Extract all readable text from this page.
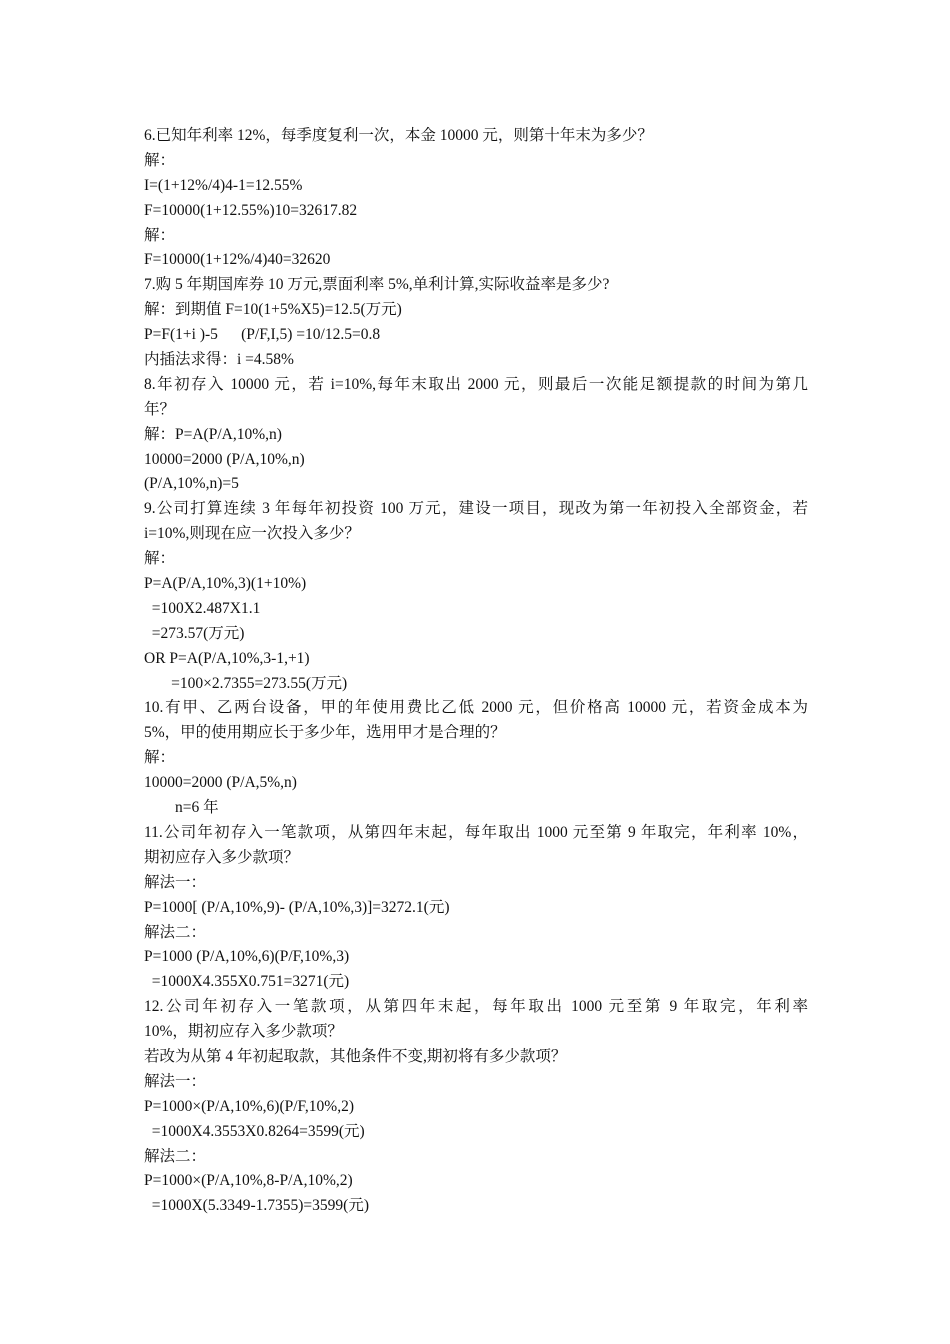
6.已知年利率 12%，每季度复利一次，本金 10000 元，则第十年末为多少？
解：
I=(1+12%/4)4-1=12.55%
F=10000(1+12.55%)10=32617.82
解：
F=10000(1+12%/4)40=32620
7.购 5 年期国库券 10 万元,票面利率 5%,单利计算,实际收益率是多少?
解：到期值 F=10(1+5%X5)=12.5(万元)
P=F(1+i )-5      (P/F,I,5) =10/12.5=0.8
内插法求得：i =4.58%
8.年初存入 10000 元，若 i=10%,每年末取出 2000 元，则最后一次能足额提款的时间为第几
年？
解：P=A(P/A,10%,n)
10000=2000 (P/A,10%,n)
(P/A,10%,n)=5
9.公司打算连续 3 年每年初投资 100 万元，建设一项目，现改为第一年初投入全部资金，若
i=10%,则现在应一次投入多少？
解：
P=A(P/A,10%,3)(1+10%)
=100X2.487X1.1
=273.57(万元)
OR P=A(P/A,10%,3-1,+1)
=100×2.7355=273.55(万元)
10.有甲、乙两台设备，甲的年使用费比乙低 2000 元，但价格高 10000 元，若资金成本为
5%，甲的使用期应长于多少年，选用甲才是合理的？
解：
10000=2000 (P/A,5%,n)
n=6 年
11.公司年初存入一笔款项，从第四年末起，每年取出 1000 元至第 9 年取完，年利率 10%，
期初应存入多少款项？
解法一：
P=1000[ (P/A,10%,9)- (P/A,10%,3)]=3272.1(元)
解法二：
P=1000 (P/A,10%,6)(P/F,10%,3)
=1000X4.355X0.751=3271(元)
12.公司年初存入一笔款项，从第四年末起，每年取出 1000 元至第 9 年取完，年利率
10%，期初应存入多少款项？
若改为从第 4 年初起取款，其他条件不变,期初将有多少款项？
解法一：
P=1000×(P/A,10%,6)(P/F,10%,2)
=1000X4.3553X0.8264=3599(元)
解法二：
P=1000×(P/A,10%,8-P/A,10%,2)
=1000X(5.3349-1.7355)=3599(元)
